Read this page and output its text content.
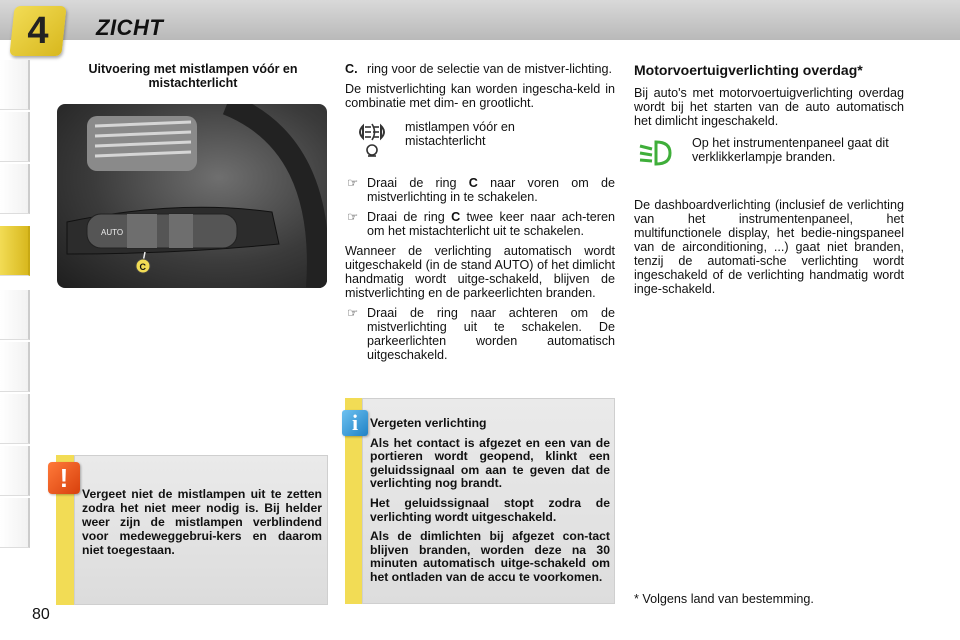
4	ZICHT
Uitvoering met mistlampen vóór en mistachterlicht
AUTO
C
!
Vergeet niet de mistlampen uit te zetten zodra het niet meer nodig is. Bij helder weer zijn de mistlampen verblindend voor medeweggebrui-kers en daarom niet toegestaan.
80

C. ring voor de selectie van de mistver-lichting.

De mistverlichting kan worden ingescha-keld in combinatie met dim- en grootlicht.

mistlampen vóór en mistachterlicht
☞ Draai de ring C naar voren om de mistverlichting in te schakelen.
☞ Draai de ring C twee keer naar ach-teren om het mistachterlicht uit te schakelen.

Wanneer de verlichting automatisch wordt uitgeschakeld (in de stand AUTO) of het dimlicht handmatig wordt uitge-schakeld, blijven de mistverlichting en de parkeerlichten branden.

☞ Draai de ring naar achteren om de mistverlichting uit te schakelen. De parkeerlichten worden automatisch uitgeschakeld.
i Vergeten verlichting

Als het contact is afgezet en een van de portieren wordt geopend, klinkt een geluidssignaal om aan te geven dat de verlichting nog brandt.

Het geluidssignaal stopt zodra de verlichting wordt uitgeschakeld.

Als de dimlichten bij afgezet con-tact blijven branden, worden deze na 30 minuten automatisch uitge-schakeld om het ontladen van de accu te voorkomen.

Motorvoertuigverlichting overdag*

Bij auto's met motorvoertuigverlichting overdag wordt bij het starten van de auto automatisch het dimlicht ingeschakeld.

Op het instrumentenpaneel gaat dit verklikkerlampje branden.

De dashboardverlichting (inclusief de verlichting van het instrumentenpaneel, het multifunctionele display, het bedie-ningspaneel van de airconditioning, ...) gaat niet branden, tenzij de automati-sche verlichting wordt ingeschakeld of de verlichting handmatig wordt inge-schakeld.

* Volgens land van bestemming.
